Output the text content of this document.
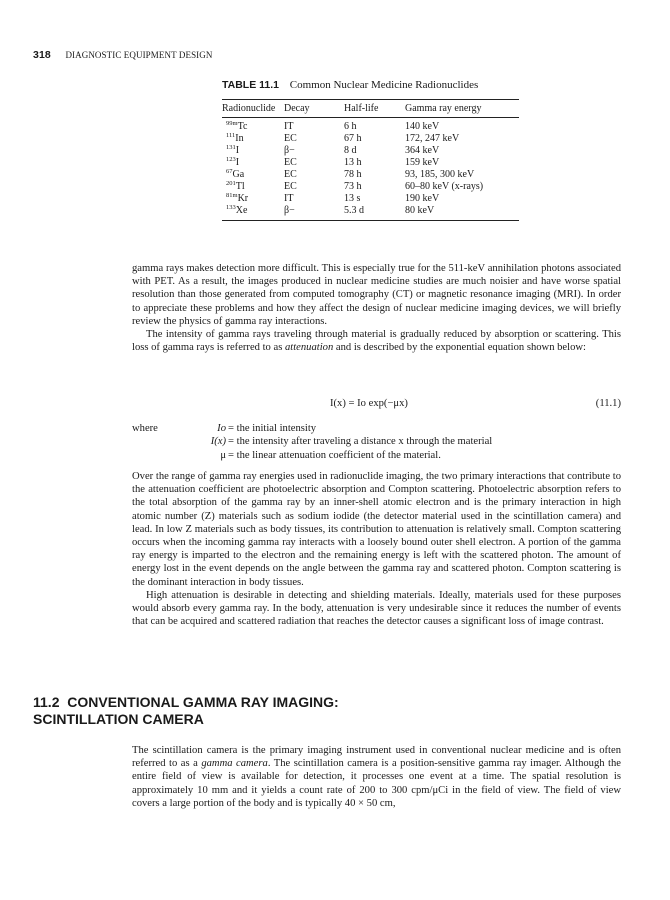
318 DIAGNOSTIC EQUIPMENT DESIGN
TABLE 11.1 Common Nuclear Medicine Radionuclides
Radionuclide	Decay	Half-life	Gamma ray energy
$^{99m}$Tc	IT	6 h	140 keV
$^{111}$In	EC	67 h	172, 247 keV
$^{131}$I	β−	8 d	364 keV
$^{123}$I	EC	13 h	159 keV
$^{67}$Ga	EC	78 h	93, 185, 300 keV
$^{201}$Tl	EC	73 h	60–80 keV (x-rays)
$^{81m}$Kr	IT	13 s	190 keV
$^{133}$Xe	β−	5.3 d	80 keV

gamma rays makes detection more difficult. This is especially true for the 511-keV annihilation photons associated with PET. As a result, the images produced in nuclear medicine studies are much noisier and have worse spatial resolution than those generated from computed tomography (CT) or magnetic resonance imaging (MRI). In order to appreciate these problems and how they affect the design of nuclear medicine imaging devices, we will briefly review the physics of gamma ray interactions.

The intensity of gamma rays traveling through material is gradually reduced by absorption or scattering. This loss of gamma rays is referred to as attenuation and is described by the exponential equation shown below:

I(x) = Io exp(−μx)	(11.1)
where	Io = the initial intensity
I(x) = the intensity after traveling a distance x through the material
μ = the linear attenuation coefficient of the material.

Over the range of gamma ray energies used in radionuclide imaging, the two primary interactions that contribute to the attenuation coefficient are photoelectric absorption and Compton scattering. Photoelectric absorption refers to the total absorption of the gamma ray by an inner-shell atomic electron and is the primary interaction in high atomic number (Z) materials such as sodium iodide (the detector material used in the scintillation camera) and lead. In low Z materials such as body tissues, its contribution to attenuation is relatively small. Compton scattering occurs when the incoming gamma ray interacts with a loosely bound outer shell electron. A portion of the gamma ray energy is imparted to the electron and the remaining energy is left with the scattered photon. The amount of energy lost in the event depends on the angle between the gamma ray and scattered photon. Compton scattering is the dominant interaction in body tissues.

High attenuation is desirable in detecting and shielding materials. Ideally, materials used for these purposes would absorb every gamma ray. In the body, attenuation is very undesirable since it reduces the number of events that can be acquired and scattered radiation that reaches the detector causes a significant loss of image contrast.

11.2 CONVENTIONAL GAMMA RAY IMAGING:
SCINTILLATION CAMERA

The scintillation camera is the primary imaging instrument used in conventional nuclear medicine and is often referred to as a gamma camera. The scintillation camera is a position-sensitive gamma ray imager. Although the entire field of view is available for detection, it processes one event at a time. The spatial resolution is approximately 10 mm and it yields a count rate of 200 to 300 cpm/μCi in the field of view. The field of view covers a large portion of the body and is typically 40 × 50 cm,
